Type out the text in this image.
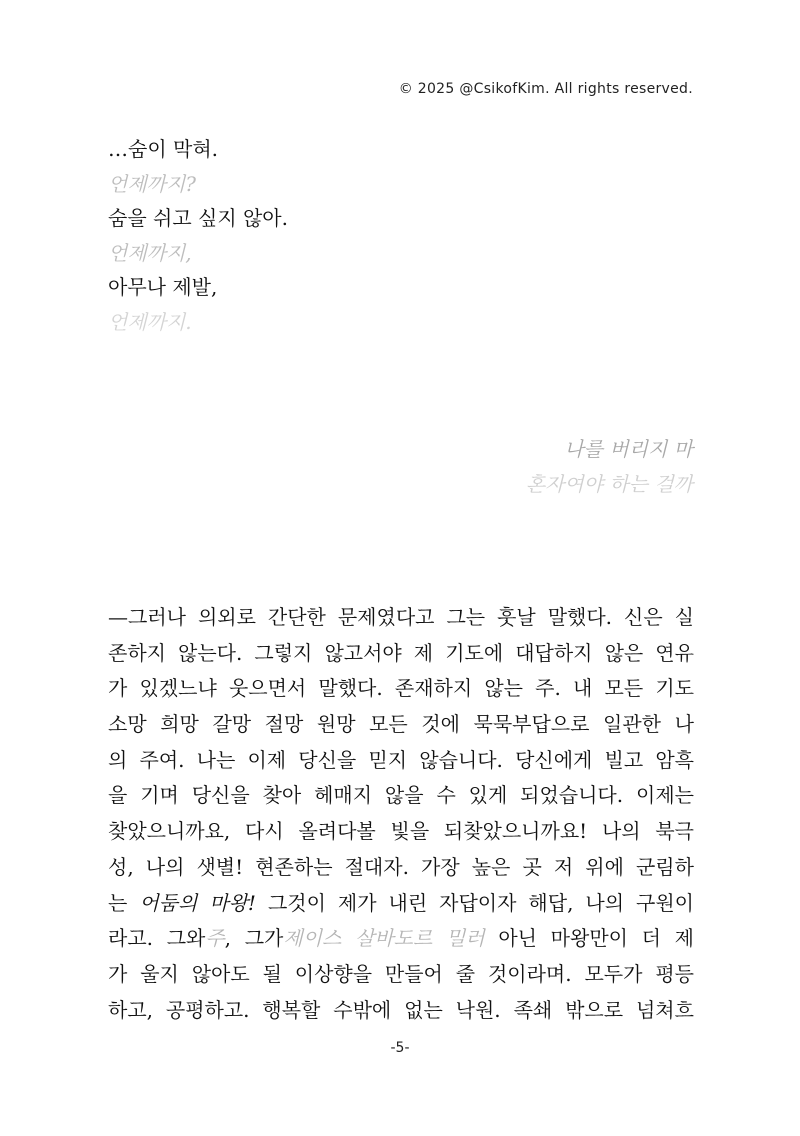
© 2025 @CsikofKim. All rights reserved.
…숨이 막혀.
언제까지?
숨을 쉬고 싶지 않아.
언제까지,
아무나 제발,
언제까지.
나를 버리지 마
혼자여야 하는 걸까
—그러나 의외로 간단한 문제였다고 그는 훗날 말했다. 신은 실
존하지 않는다. 그렇지 않고서야 제 기도에 대답하지 않은 연유
가 있겠느냐 웃으면서 말했다. 존재하지 않는 주. 내 모든 기도
소망 희망 갈망 절망 원망 모든 것에 묵묵부답으로 일관한 나
의 주여. 나는 이제 당신을 믿지 않습니다. 당신에게 빌고 암흑
을 기며 당신을 찾아 헤매지 않을 수 있게 되었습니다. 이제는
찾았으니까요, 다시 올려다볼 빛을 되찾았으니까요! 나의 북극
성, 나의 샛별! 현존하는 절대자. 가장 높은 곳 저 위에 군림하
는 어둠의 마왕! 그것이 제가 내린 자답이자 해답, 나의 구원이
라고. 그와주, 그가제이스 살바도르 밀러 아닌 마왕만이 더 제
가 울지 않아도 될 이상향을 만들어 줄 것이라며. 모두가 평등
하고, 공평하고. 행복할 수밖에 없는 낙원. 족쇄 밖으로 넘쳐흐
-5-
